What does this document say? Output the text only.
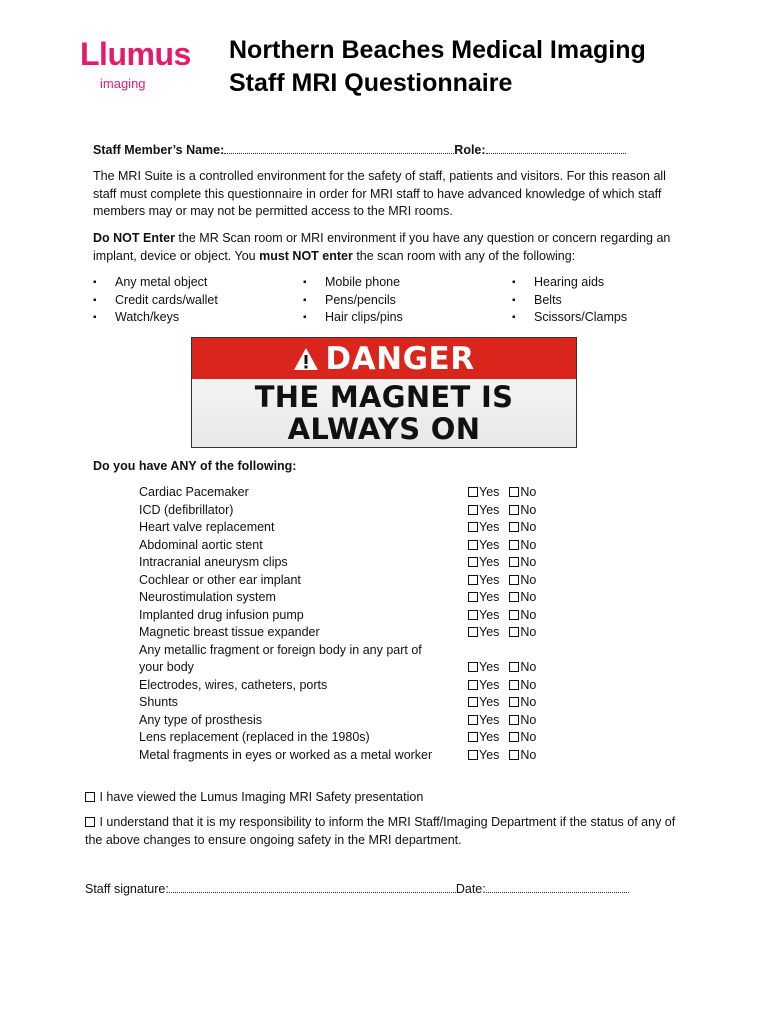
Llumus
imaging
Northern Beaches Medical Imaging
Staff MRI Questionnaire
Staff Member’s Name:	Role:
The MRI Suite is a controlled environment for the safety of staff, patients and visitors. For this reason all staff must complete this questionnaire in order for MRI staff to have advanced knowledge of which staff members may or may not be permitted access to the MRI rooms.
Do NOT Enter the MR Scan room or MRI environment if you have any question or concern regarding an implant, device or object. You must NOT enter the scan room with any of the following:
▪ Any metal object
▪ Credit cards/wallet
▪ Watch/keys
▪ Mobile phone
▪ Pens/pencils
▪ Hair clips/pins
▪ Hearing aids
▪ Belts
▪ Scissors/Clamps
DANGER
THE MAGNET IS
ALWAYS ON
Do you have ANY of the following:
Cardiac Pacemaker	Yes No
ICD (defibrillator)	Yes No
Heart valve replacement	Yes No
Abdominal aortic stent	Yes No
Intracranial aneurysm clips	Yes No
Cochlear or other ear implant	Yes No
Neurostimulation system	Yes No
Implanted drug infusion pump	Yes No
Magnetic breast tissue expander	Yes No
Any metallic fragment or foreign body in any part of your body	Yes No
Electrodes, wires, catheters, ports	Yes No
Shunts	Yes No
Any type of prosthesis	Yes No
Lens replacement (replaced in the 1980s)	Yes No
Metal fragments in eyes or worked as a metal worker	Yes No
I have viewed the Lumus Imaging MRI Safety presentation
I understand that it is my responsibility to inform the MRI Staff/Imaging Department if the status of any of the above changes to ensure ongoing safety in the MRI department.
Staff signature:	Date:
